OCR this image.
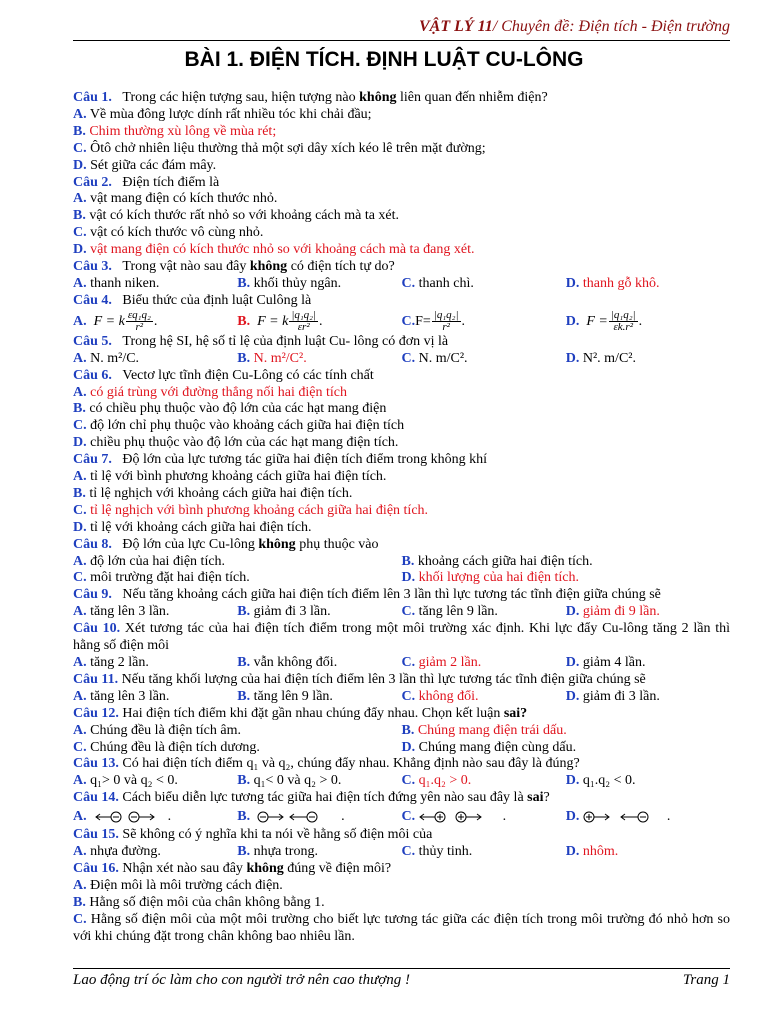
VẬT LÝ 11/ Chuyên đề: Điện tích - Điện trường
BÀI 1. ĐIỆN TÍCH. ĐỊNH LUẬT CU-LÔNG
Câu 1. Trong các hiện tượng sau, hiện tượng nào không liên quan đến nhiễm điện?
A. Về mùa đông lược dính rất nhiều tóc khi chải đầu;
B. Chim thường xù lông về mùa rét;
C. Ôtô chở nhiên liệu thường thả một sợi dây xích kéo lê trên mặt đường;
D. Sét giữa các đám mây.
Câu 2. Điện tích điểm là
A. vật mang điện có kích thước nhỏ.
B. vật có kích thước rất nhỏ so với khoảng cách mà ta xét.
C. vật có kích thước vô cùng nhỏ.
D. vật mang điện có kích thước nhỏ so với khoảng cách mà ta đang xét.
Câu 3. Trong vật nào sau đây không có điện tích tự do?
A. thanh niken.	B. khối thủy ngân.	C. thanh chì.	D. thanh gỗ khô.
Câu 4. Biểu thức của định luật Culông là
A. F = k $\frac{\text{εq₁q₂}}{\text{r²}}$ .	B. F = k $\frac{\text{|q₁q₂|}}{\text{εr²}}$ .	$C.F= \frac{\text{|q₁q₂|}}{\text{r²}}$ .	D. $F = \frac{\text{|q₁q₂|}}{\text{εk.r²}}$ .
Câu 5. Trong hệ SI, hệ số tỉ lệ của định luật Cu- lông có đơn vị là
A. N. m²/C.	B. N. m²/C².	C. N. m/C².	D. N². m/C².
Câu 6. Vectơ lực tĩnh điện Cu-Lông có các tính chất
A. có giá trùng với đường thẳng nối hai điện tích
B. có chiều phụ thuộc vào độ lớn của các hạt mang điện
C. độ lớn chỉ phụ thuộc vào khoảng cách giữa hai điện tích
D. chiều phụ thuộc vào độ lớn của các hạt mang điện tích.
Câu 7. Độ lớn của lực tương tác giữa hai điện tích điểm trong không khí
A. tỉ lệ với bình phương khoảng cách giữa hai điện tích.
B. tỉ lệ nghịch với khoảng cách giữa hai điện tích.
C. tỉ lệ nghịch với bình phương khoảng cách giữa hai điện tích.
D. tỉ lệ với khoảng cách giữa hai điện tích.
Câu 8. Độ lớn của lực Cu-lông không phụ thuộc vào
A. độ lớn của hai điện tích.	B. khoảng cách giữa hai điện tích.
C. môi trường đặt hai điện tích.	D. khối lượng của hai điện tích.
Câu 9. Nếu tăng khoảng cách giữa hai điện tích điểm lên 3 lần thì lực tương tác tĩnh điện giữa chúng sẽ
A. tăng lên 3 lần.	B. giảm đi 3 lần.	C. tăng lên 9 lần.	D. giảm đi 9 lần.
Câu 10. Xét tương tác của hai điện tích điểm trong một môi trường xác định. Khi lực đẩy Cu-lông tăng 2 lần thì hằng số điện môi
A. tăng 2 lần.	B. vẫn không đổi.	C. giảm 2 lần.	D. giảm 4 lần.
Câu 11. Nếu tăng khối lượng của hai điện tích điểm lên 3 lần thì lực tương tác tĩnh điện giữa chúng sẽ
A. tăng lên 3 lần.	B. tăng lên 9 lần.	C. không đổi.	D. giảm đi 3 lần.
Câu 12. Hai điện tích điểm khi đặt gần nhau chúng đẩy nhau. Chọn kết luận sai?
A. Chúng đều là điện tích âm.	B. Chúng mang điện trái dấu.
C. Chúng đều là điện tích dương.	D. Chúng mang điện cùng dấu.
Câu 13. Có hai điện tích điểm q₁ và q₂, chúng đẩy nhau. Khẳng định nào sau đây là đúng?
A. q₁> 0 và q₂ < 0.	B. q₁< 0 và q₂ > 0.	C. q₁.q₂ > 0.	D. q₁.q₂ < 0.
Câu 14. Cách biểu diễn lực tương tác giữa hai điện tích đứng yên nào sau đây là sai?
A.	.	B.	.	C.	.	D.	.
Câu 15. Sẽ không có ý nghĩa khi ta nói về hằng số điện môi của
A. nhựa đường.	B. nhựa trong.	C. thủy tinh.	D. nhôm.
Câu 16. Nhận xét nào sau đây không đúng về điện môi?
A. Điện môi là môi trường cách điện.
B. Hằng số điện môi của chân không bằng 1.
C. Hằng số điện môi của một môi trường cho biết lực tương tác giữa các điện tích trong môi trường đó nhỏ hơn so với khi chúng đặt trong chân không bao nhiêu lần.
Lao động trí óc làm cho con người trở nên cao thượng !	Trang 1
